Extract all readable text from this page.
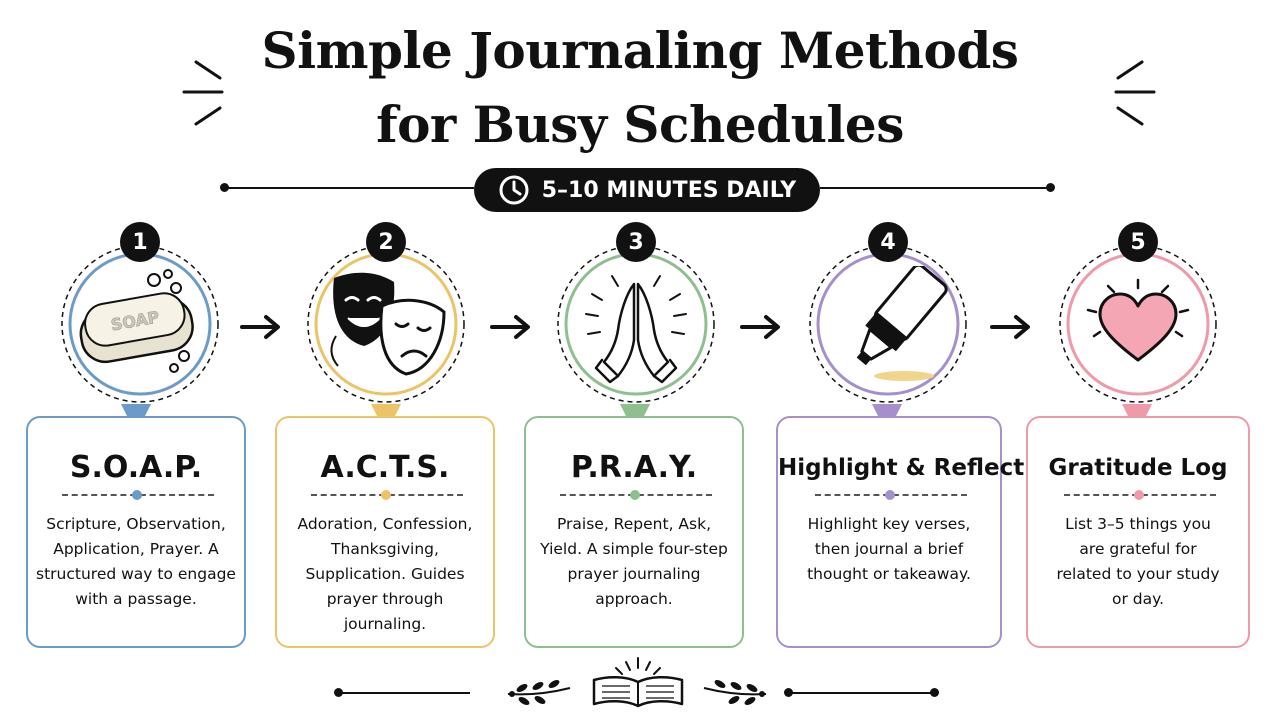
Simple Journaling Methods
for Busy Schedules
5–10 MINUTES DAILY
SOAP
1	2	3	4	5
S.O.A.P.
Scripture, Observation, Application, Prayer. A structured way to engage with a passage.
A.C.T.S.
Adoration, Confession, Thanksgiving, Supplication. Guides prayer through journaling.
P.R.A.Y.
Praise, Repent, Ask, Yield. A simple four-step prayer journaling approach.
Highlight & Reflect
Highlight key verses, then journal a brief thought or takeaway.
Gratitude Log
List 3–5 things you are grateful for related to your study or day.
